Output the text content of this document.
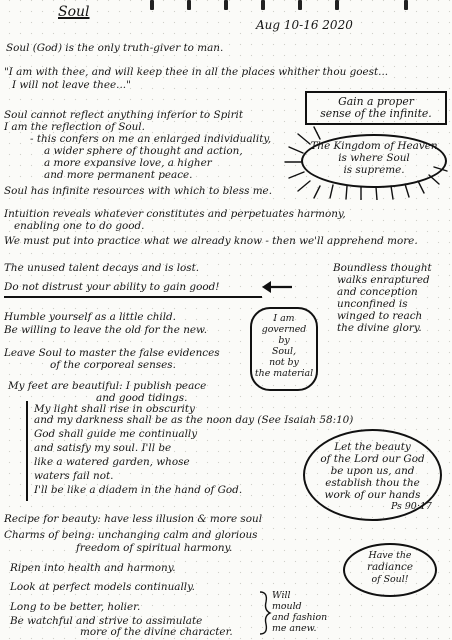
Soul
Aug 10-16 2020
Soul (God) is the only truth-giver to man.
"I am with thee, and will keep thee in all the places whither thou goest...
I will not leave thee..."
Gain a proper
sense of the infinite.
Soul cannot reflect anything inferior to Spirit
I am the reflection of Soul.
- this confers on me an enlarged individuality,
a wider sphere of thought and action,
a more expansive love, a higher
and more permanent peace.
The Kingdom of Heaven
is where Soul
is supreme.
Soul has infinite resources with which to bless me.
Intuition reveals whatever constitutes and perpetuates harmony,
enabling one to do good.
We must put into practice what we already know - then we'll apprehend more.
The unused talent decays and is lost.
Do not distrust your ability to gain good!
Boundless thought
walks enraptured
and conception
unconfined is
winged to reach
the divine glory.
Humble yourself as a little child.
Be willing to leave the old for the new.
Leave Soul to master the false evidences
of the corporeal senses.
I am
governed
by
Soul,
not by
the material
My feet are beautiful: I publish peace
and good tidings.
My light shall rise in obscurity
and my darkness shall be as the noon day (See Isaiah 58:10)
God shall guide me continually
and satisfy my soul. I'll be
like a watered garden, whose
waters fail not.
I'll be like a diadem in the hand of God.
Let the beauty
of the Lord our God
be upon us, and
establish thou the
work of our hands
Ps 90:17
Recipe for beauty: have less illusion & more soul
Charms of being: unchanging calm and glorious
freedom of spiritual harmony.
Have the
radiance
of Soul!
Ripen into health and harmony.
Look at perfect models continually.
Long to be better, holier.
Be watchful and strive to assimulate
more of the divine character.
Will
mould
and fashion
me anew.
